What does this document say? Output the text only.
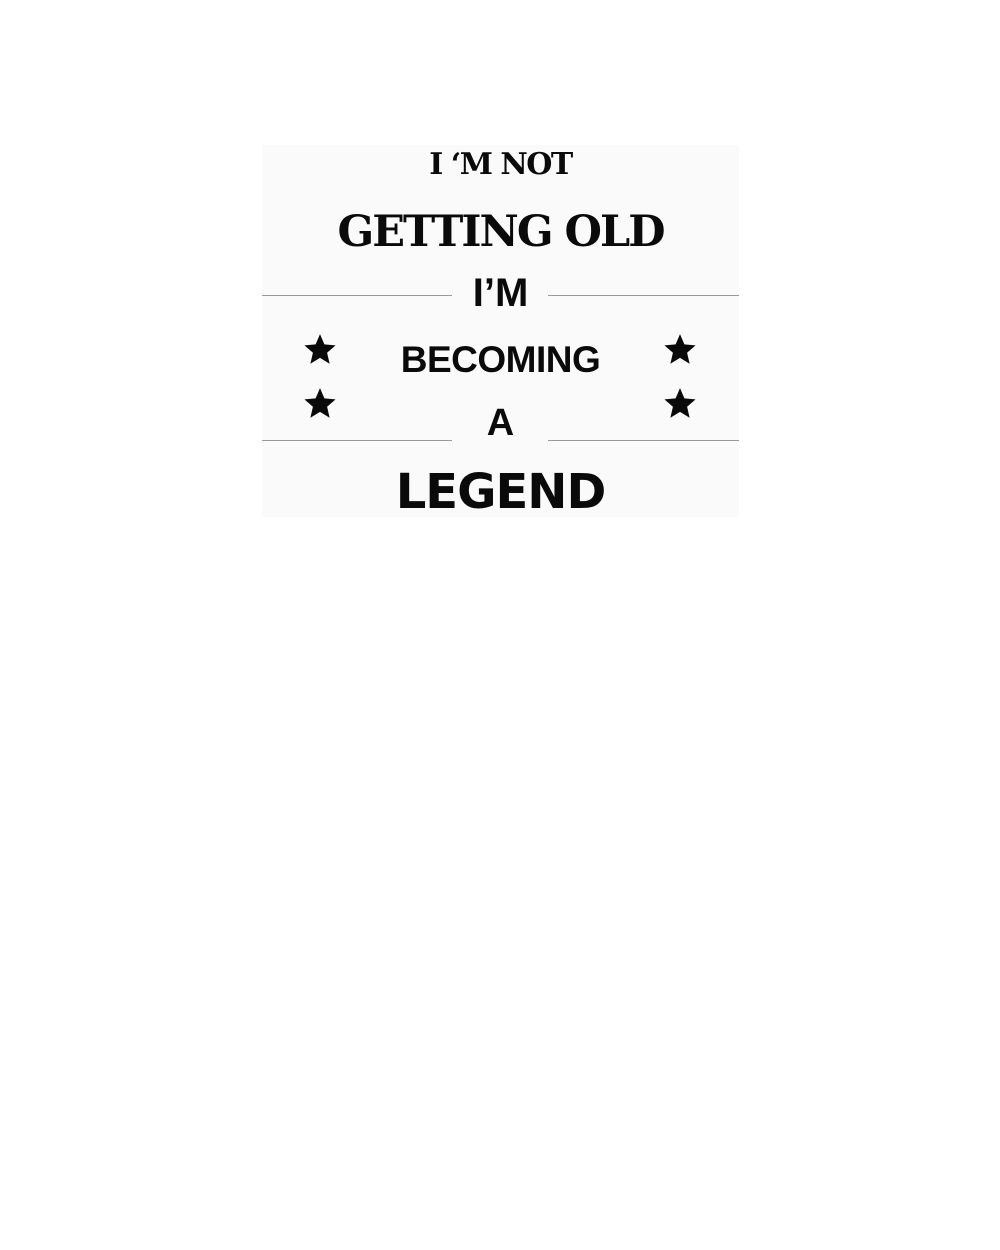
I ‘M NOT
GETTING OLD
I’M
BECOMING
A
LEGEND
